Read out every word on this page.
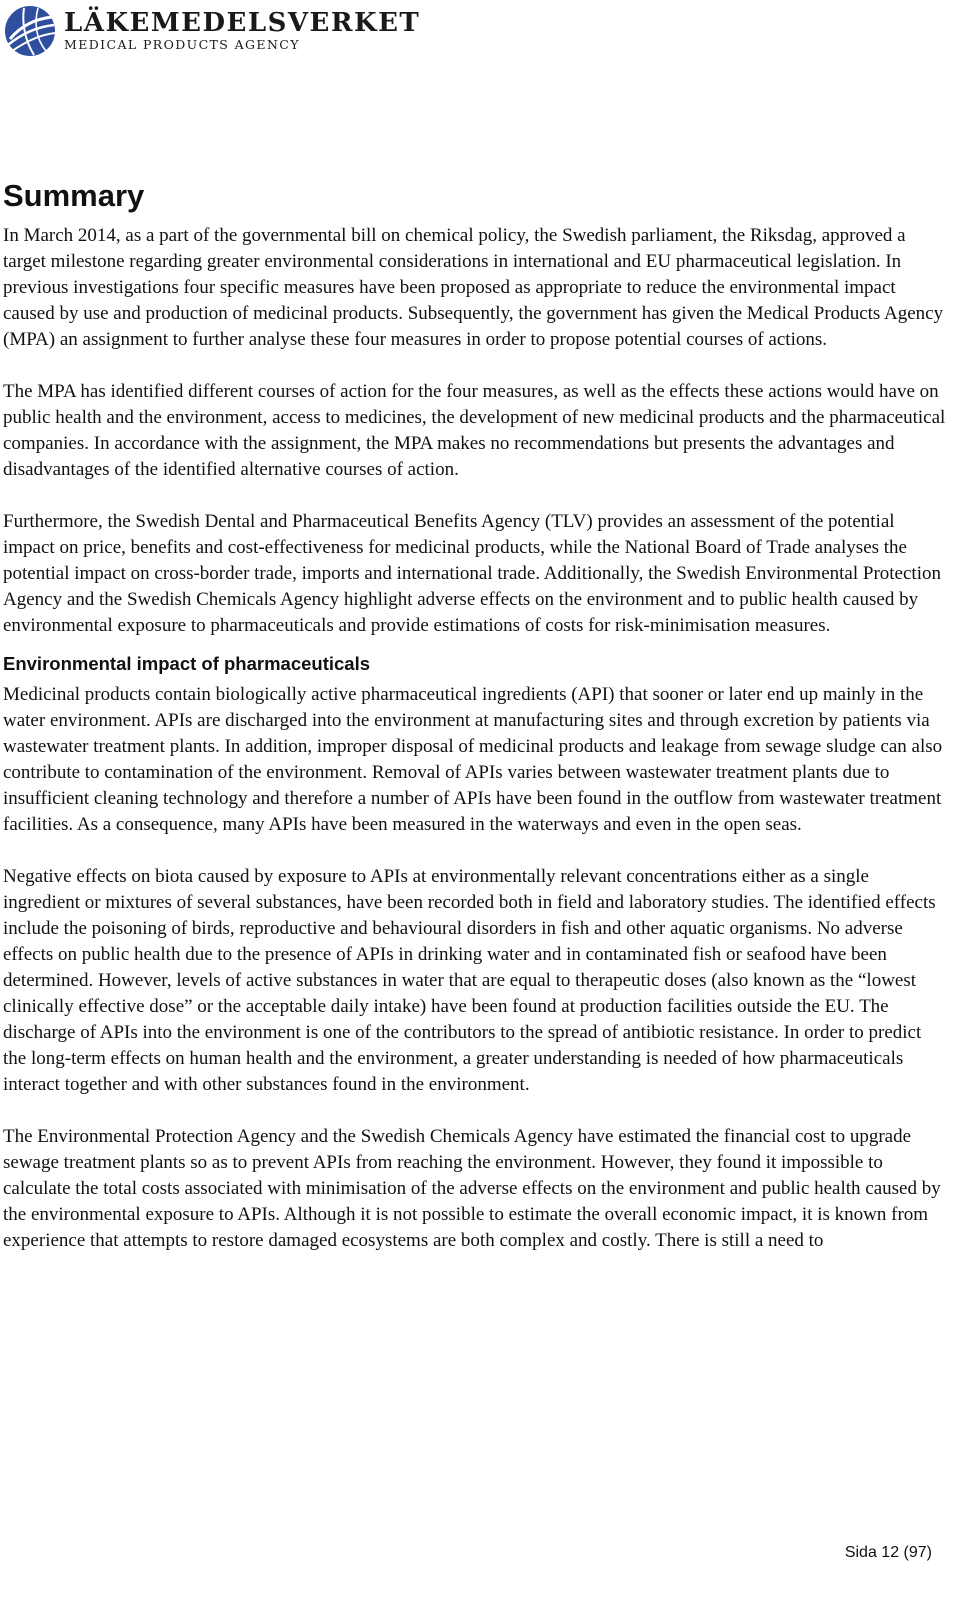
LÄKEMEDELSVERKET
MEDICAL PRODUCTS AGENCY
Summary

In March 2014, as a part of the governmental bill on chemical policy, the Swedish parliament, the Riksdag, approved a target milestone regarding greater environmental considerations in international and EU pharmaceutical legislation. In previous investigations four specific measures have been proposed as appropriate to reduce the environmental impact caused by use and production of medicinal products. Subsequently, the government has given the Medical Products Agency (MPA) an assignment to further analyse these four measures in order to propose potential courses of actions.

The MPA has identified different courses of action for the four measures, as well as the effects these actions would have on public health and the environment, access to medicines, the development of new medicinal products and the pharmaceutical companies. In accordance with the assignment, the MPA makes no recommendations but presents the advantages and disadvantages of the identified alternative courses of action.

Furthermore, the Swedish Dental and Pharmaceutical Benefits Agency (TLV) provides an assessment of the potential impact on price, benefits and cost-effectiveness for medicinal products, while the National Board of Trade analyses the potential impact on cross-border trade, imports and international trade. Additionally, the Swedish Environmental Protection Agency and the Swedish Chemicals Agency highlight adverse effects on the environment and to public health caused by environmental exposure to pharmaceuticals and provide estimations of costs for risk-minimisation measures.

Environmental impact of pharmaceuticals

Medicinal products contain biologically active pharmaceutical ingredients (API) that sooner or later end up mainly in the water environment. APIs are discharged into the environment at manufacturing sites and through excretion by patients via wastewater treatment plants. In addition, improper disposal of medicinal products and leakage from sewage sludge can also contribute to contamination of the environment. Removal of APIs varies between wastewater treatment plants due to insufficient cleaning technology and therefore a number of APIs have been found in the outflow from wastewater treatment facilities. As a consequence, many APIs have been measured in the waterways and even in the open seas.

Negative effects on biota caused by exposure to APIs at environmentally relevant concentrations either as a single ingredient or mixtures of several substances, have been recorded both in field and laboratory studies. The identified effects include the poisoning of birds, reproductive and behavioural disorders in fish and other aquatic organisms. No adverse effects on public health due to the presence of APIs in drinking water and in contaminated fish or seafood have been determined. However, levels of active substances in water that are equal to therapeutic doses (also known as the “lowest clinically effective dose” or the acceptable daily intake) have been found at production facilities outside the EU. The discharge of APIs into the environment is one of the contributors to the spread of antibiotic resistance. In order to predict the long-term effects on human health and the environment, a greater understanding is needed of how pharmaceuticals interact together and with other substances found in the environment.

The Environmental Protection Agency and the Swedish Chemicals Agency have estimated the financial cost to upgrade sewage treatment plants so as to prevent APIs from reaching the environment. However, they found it impossible to calculate the total costs associated with minimisation of the adverse effects on the environment and public health caused by the environmental exposure to APIs. Although it is not possible to estimate the overall economic impact, it is known from experience that attempts to restore damaged ecosystems are both complex and costly. There is still a need to

Sida 12 (97)
